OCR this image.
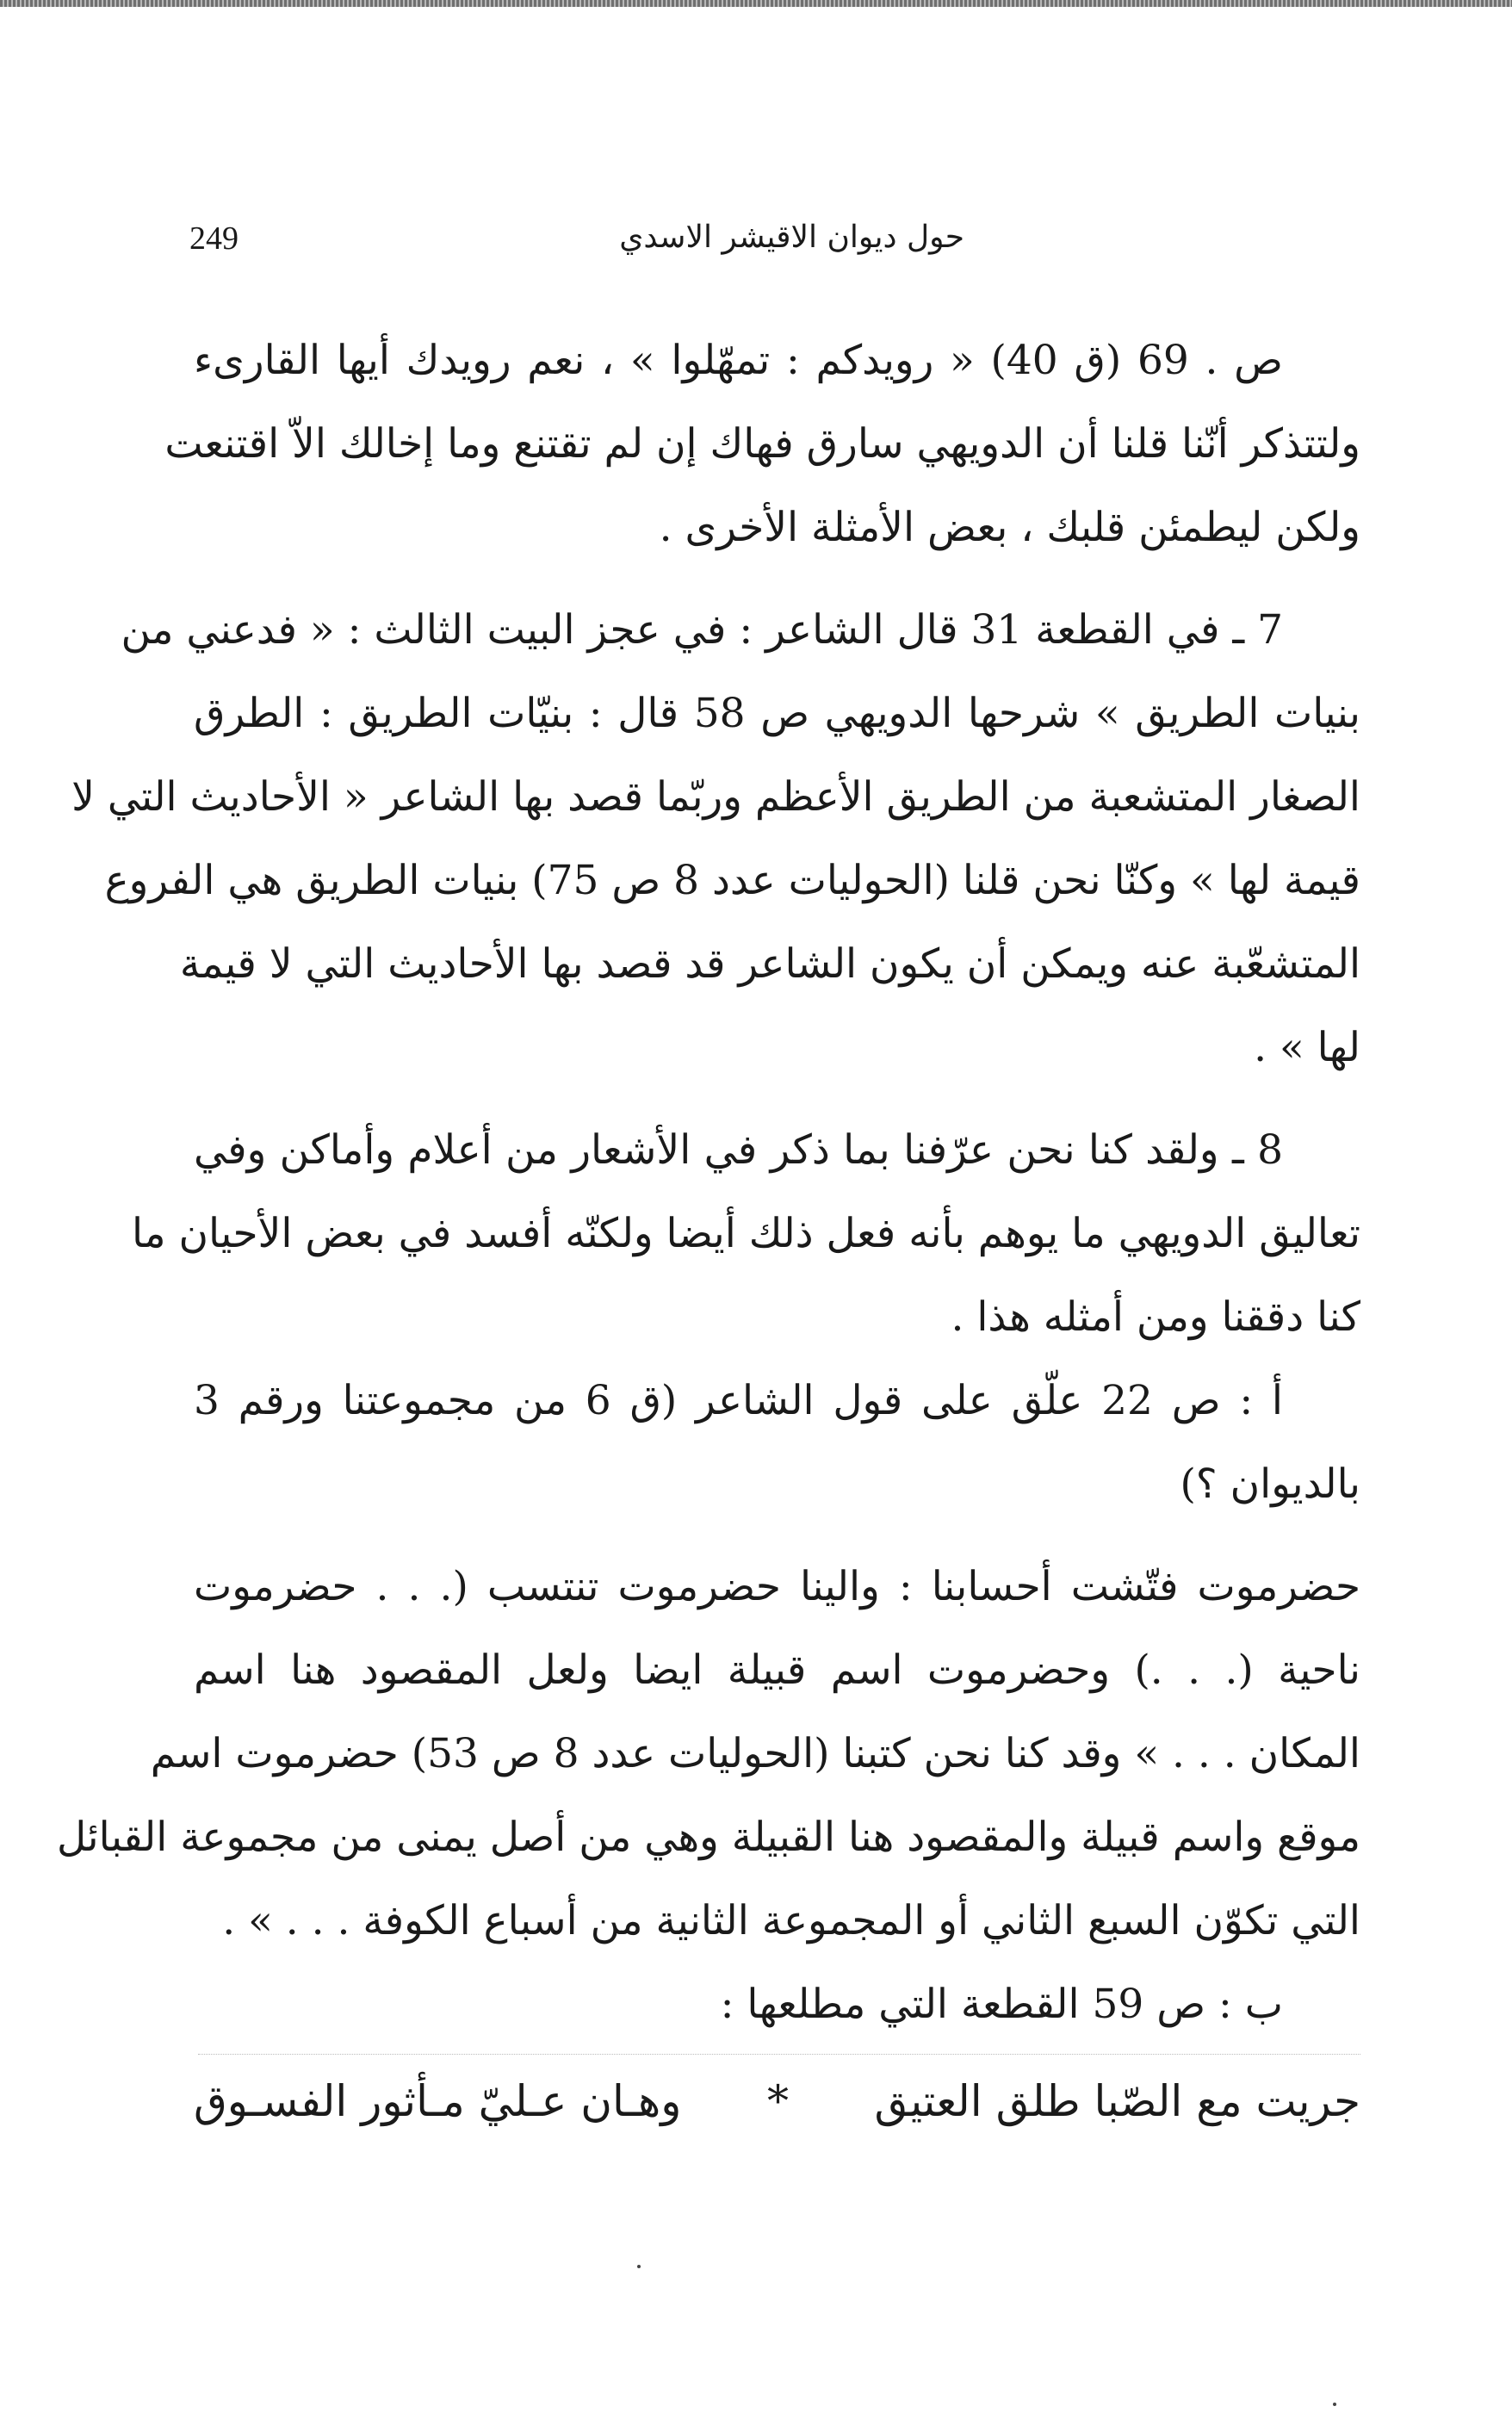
249	حول ديوان الاقيشر الاسدي
ص . 69 (ق 40) « رويدكم : تمهّلوا » ، نعم رويدك أيها القارىء
ولتتذكر أنّنا قلنا أن الدويهي سارق فهاك إن لم تقتنع وما إخالك الاّ اقتنعت
ولكن ليطمئن قلبك ، بعض الأمثلة الأخرى .
7 ـ في القطعة 31 قال الشاعر : في عجز البيت الثالث : « فدعني من
بنيات الطريق » شرحها الدويهي ص 58 قال : بنيّات الطريق : الطرق
الصغار المتشعبة من الطريق الأعظم وربّما قصد بها الشاعر « الأحاديث التي لا
قيمة لها » وكنّا نحن قلنا (الحوليات عدد 8 ص 75) بنيات الطريق هي الفروع
المتشعّبة عنه ويمكن أن يكون الشاعر قد قصد بها الأحاديث التي لا قيمة
لها » .
8 ـ ولقد كنا نحن عرّفنا بما ذكر في الأشعار من أعلام وأماكن وفي
تعاليق الدويهي ما يوهم بأنه فعل ذلك أيضا ولكنّه أفسد في بعض الأحيان ما
كنا دققنا ومن أمثله هذا .
أ : ص 22 علّق على قول الشاعر (ق 6 من مجموعتنا ورقم 3
بالديوان ؟)
حضرموت فتّشت أحسابنا : والينا حضرموت تنتسب (. . . حضرموت
ناحية (. . .) وحضرموت اسم قبيلة ايضا ولعل المقصود هنا اسم
المكان . . . » وقد كنا نحن كتبنا (الحوليات عدد 8 ص 53) حضرموت اسم
موقع واسم قبيلة والمقصود هنا القبيلة وهي من أصل يمنى من مجموعة القبائل
التي تكوّن السبع الثاني أو المجموعة الثانية من أسباع الكوفة . . . » .
ب : ص 59 القطعة التي مطلعها :
جريت مع الصّبا طلق العتيق
*
وهـان عـليّ مـأثور الفسـوق
